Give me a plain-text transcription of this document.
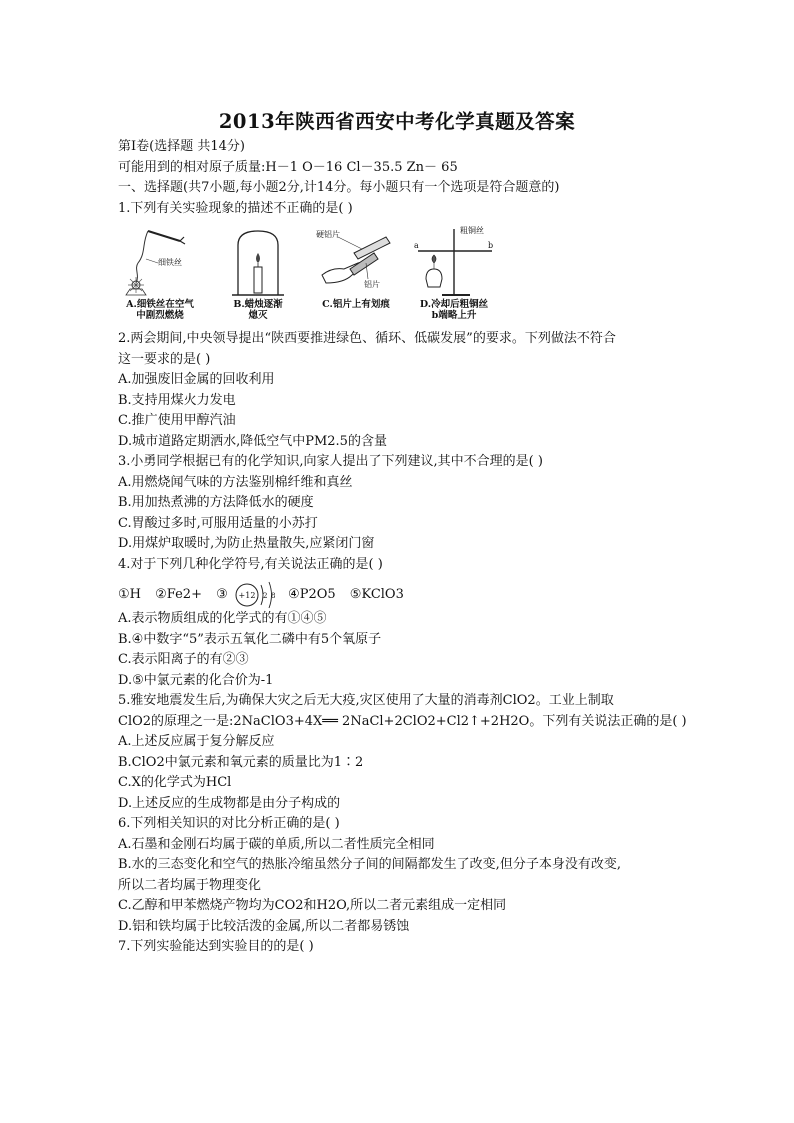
2013年陕西省西安中考化学真题及答案
第Ⅰ卷(选择题 共14分)
可能用到的相对原子质量:H－1 O－16 Cl－35.5 Zn－ 65
一、选择题(共7小题,每小题2分,计14分。每小题只有一个选项是符合题意的)
1.下列有关实验现象的描述不正确的是( )
细铁丝
A.细铁丝在空气
中剧烈燃烧
B.蜡烛逐渐
熄灭
硬铝片
铝片
C.铝片上有划痕
粗铜丝
a	b
D.冷却后粗铜丝
b端略上升
2.两会期间,中央领导提出“陕西要推进绿色、循环、低碳发展”的要求。下列做法不符合
这一要求的是( )
A.加强废旧金属的回收利用
B.支持用煤火力发电
C.推广使用甲醇汽油
D.城市道路定期洒水,降低空气中PM2.5的含量
3.小勇同学根据已有的化学知识,向家人提出了下列建议,其中不合理的是( )
A.用燃烧闻气味的方法鉴别棉纤维和真丝
B.用加热煮沸的方法降低水的硬度
C.胃酸过多时,可服用适量的小苏打
D.用煤炉取暖时,为防止热量散失,应紧闭门窗
4.对于下列几种化学符号,有关说法正确的是( )
①H ②Fe2+ ③ +12 2 8 ④P2O5 ⑤KClO3
A.表示物质组成的化学式的有①④⑤
B.④中数字“5”表示五氧化二磷中有5个氧原子
C.表示阳离子的有②③
D.⑤中氯元素的化合价为-1
5.雅安地震发生后,为确保大灾之后无大疫,灾区使用了大量的消毒剂ClO2。工业上制取
ClO2的原理之一是:2NaClO3+4X══ 2NaCl+2ClO2+Cl2↑+2H2O。下列有关说法正确的是( )
A.上述反应属于复分解反应
B.ClO2中氯元素和氧元素的质量比为1∶2
C.X的化学式为HCl
D.上述反应的生成物都是由分子构成的
6.下列相关知识的对比分析正确的是( )
A.石墨和金刚石均属于碳的单质,所以二者性质完全相同
B.水的三态变化和空气的热胀冷缩虽然分子间的间隔都发生了改变,但分子本身没有改变,
所以二者均属于物理变化
C.乙醇和甲苯燃烧产物均为CO2和H2O,所以二者元素组成一定相同
D.铝和铁均属于比较活泼的金属,所以二者都易锈蚀
7.下列实验能达到实验目的的是( )
